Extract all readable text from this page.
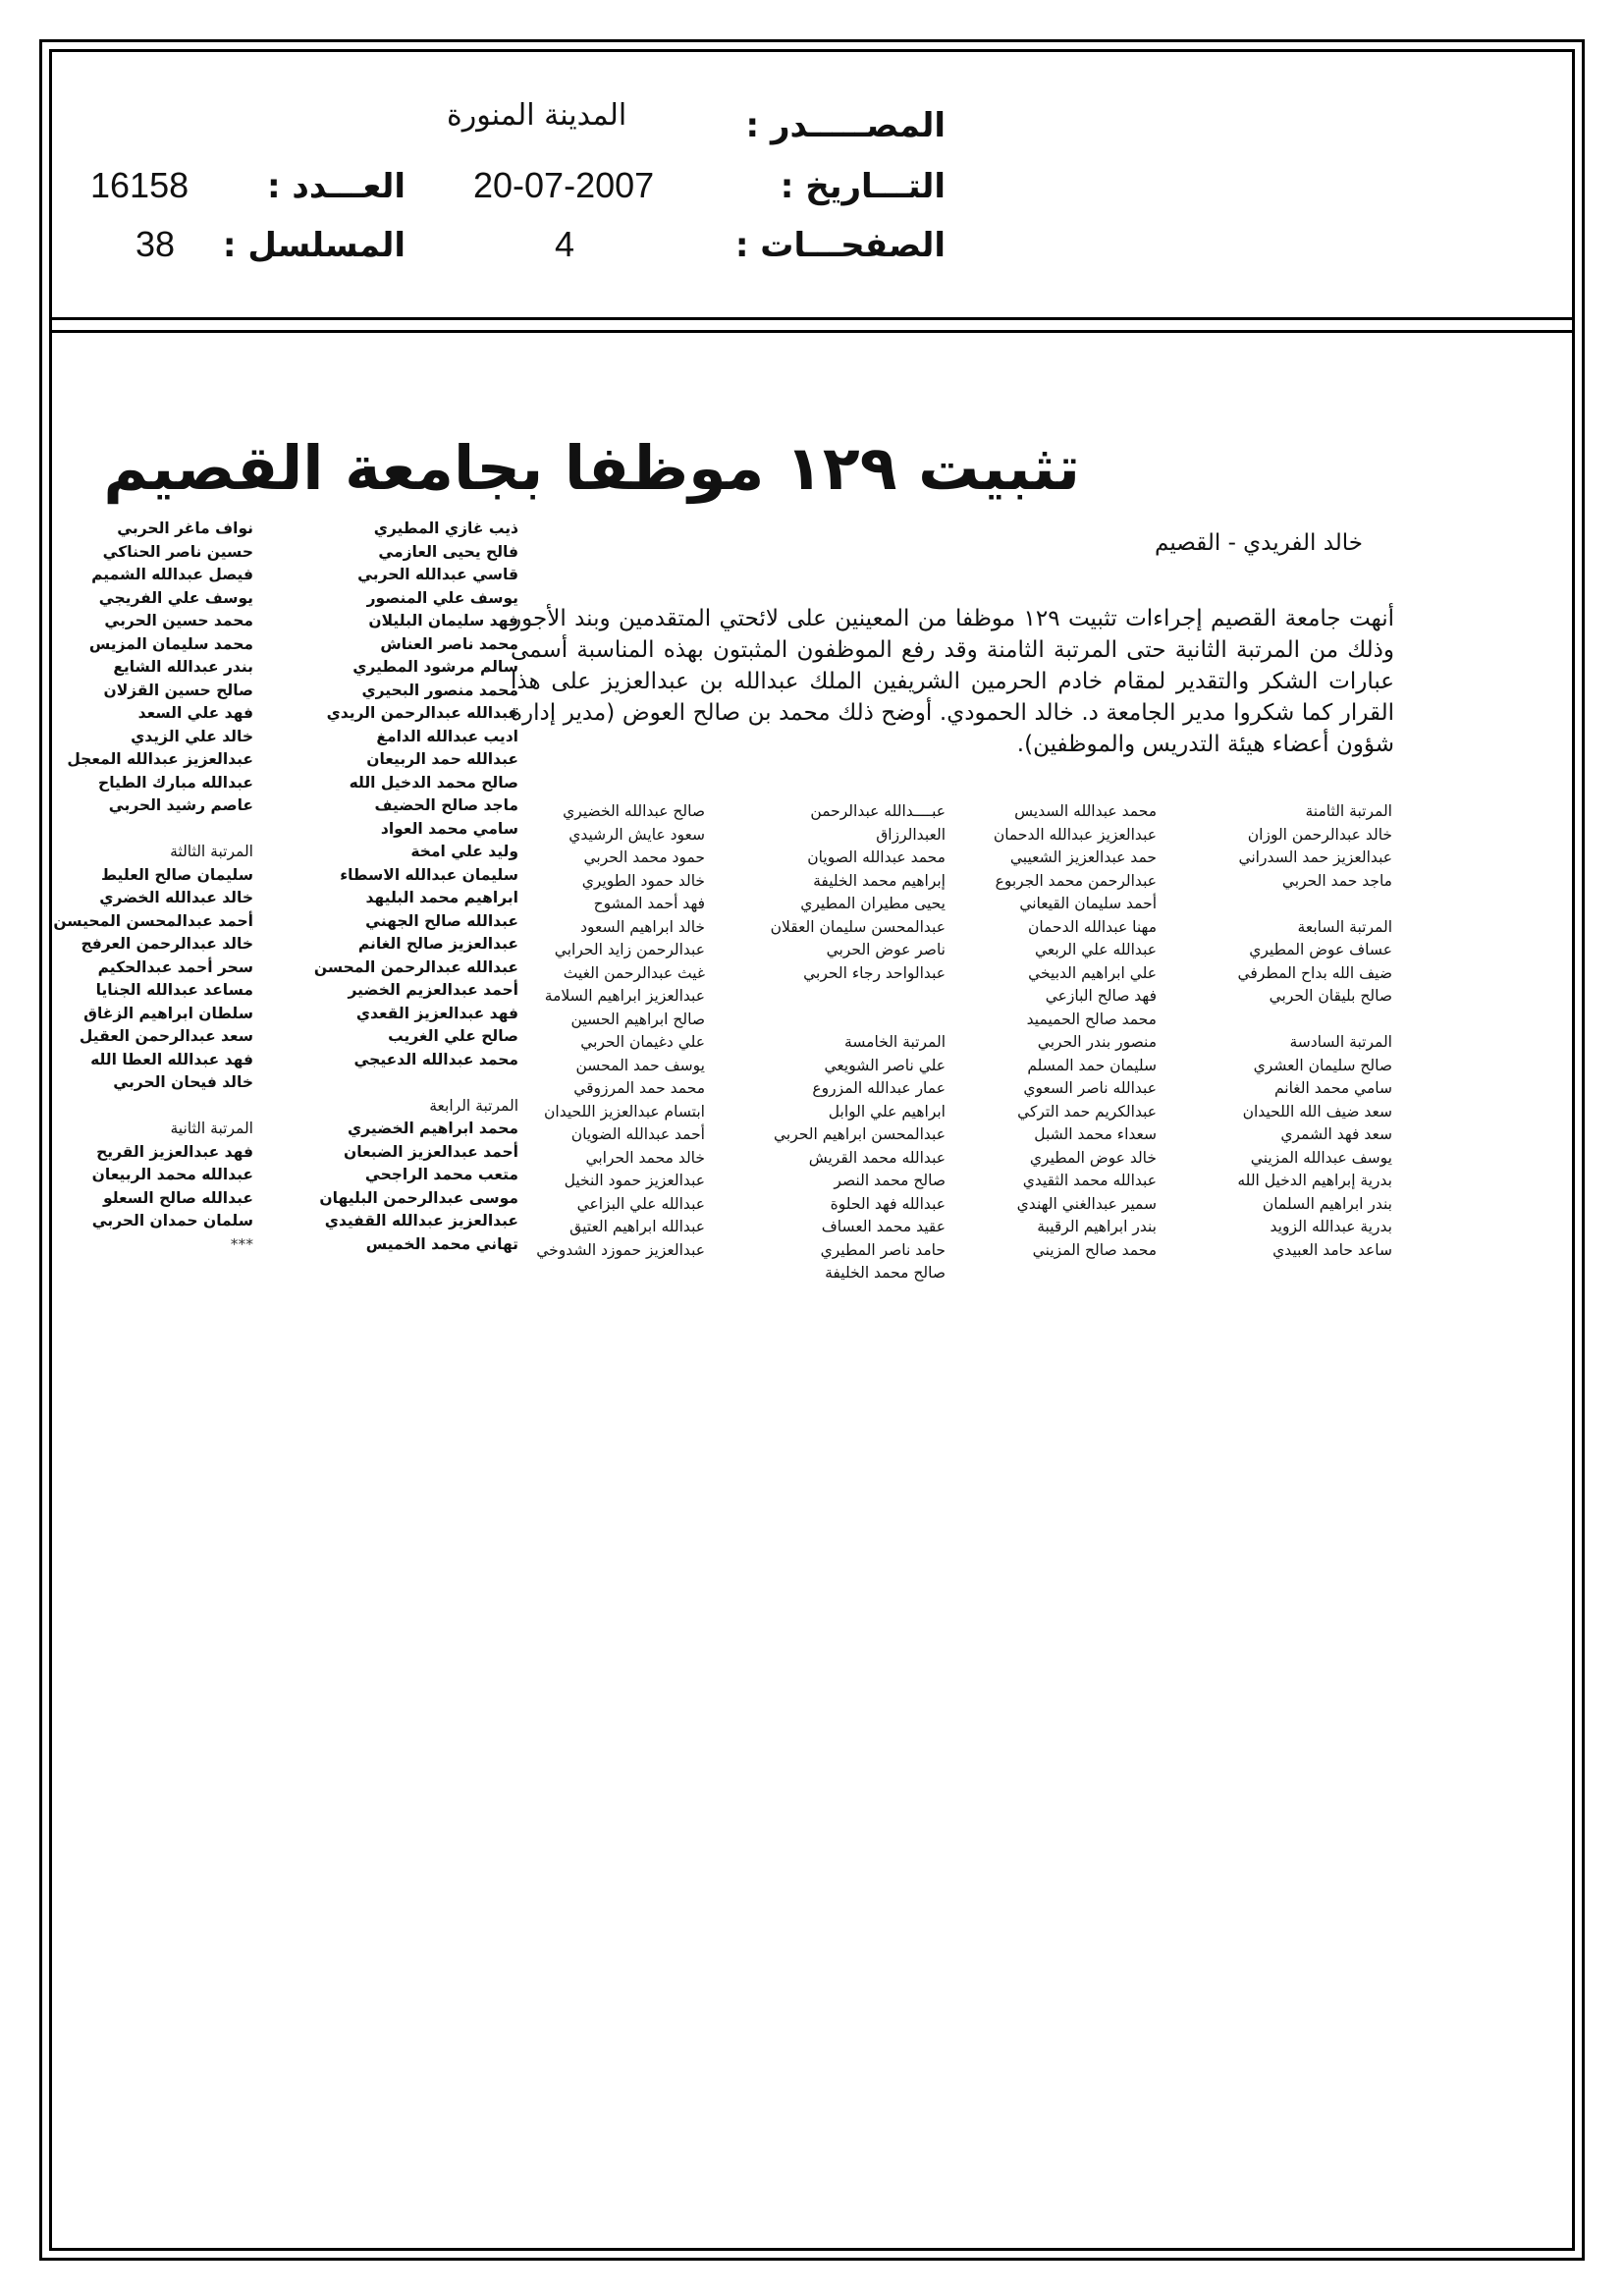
المصـــــدر :
المدينة المنورة
التـــاريخ :
20-07-2007
العـــدد :
16158
الصفحـــات :
4
المسلسل :
38
تثبيت ١٢٩ موظفا بجامعة القصيم
خالد الفريدي - القصيم

أنهت جامعة القصيم إجراءات تثبيت ١٢٩ موظفا من المعينين على لائحتي المتقدمين وبند الأجور وذلك من المرتبة الثانية حتى المرتبة الثامنة وقد رفع الموظفون المثبتون بهذه المناسبة أسمى عبارات الشكر والتقدير لمقام خادم الحرمين الشريفين الملك عبدالله بن عبدالعزيز على هذا القرار كما شكروا مدير الجامعة د. خالد الحمودي. أوضح ذلك محمد بن صالح العوض (مدير إدارة شؤون أعضاء هيئة التدريس والموظفين).

المرتبة الثامنة
خالد عبدالرحمن الوزان
عبدالعزيز حمد السدراني
ماجد حمد الحربي
المرتبة السابعة
عساف عوض المطيري
ضيف الله بداح المطرفي
صالح بليقان الحربي
المرتبة السادسة
صالح سليمان العشري
سامي محمد الغانم
سعد ضيف الله اللحيدان
سعد فهد الشمري
يوسف عبدالله المزيني
بدرية إبراهيم الدخيل الله
بندر ابراهيم السلمان
بدرية عبدالله الزويد
ساعد حامد العبيدي
محمد عبدالله السديس
عبدالعزيز عبدالله الدحمان
حمد عبدالعزيز الشعيبي
عبدالرحمن محمد الجربوع
أحمد سليمان القيعاني
مهنا عبدالله الدحمان
عبدالله علي الربعي
علي ابراهيم الدبيخي
فهد صالح البازعي
محمد صالح الحميميد
منصور بندر الحربي
سليمان حمد المسلم
عبدالله ناصر السعوي
عبدالكريم حمد التركي
سعداء محمد الشبل
خالد عوض المطيري
عبدالله محمد الثقيدي
سمير عبدالغني الهندي
بندر ابراهيم الرقيبة
محمد صالح المزيني
عبــــدالله عبدالرحمن
العبدالرزاق
محمد عبدالله الصويان
إبراهيم محمد الخليفة
يحيى مطيران المطيري
عبدالمحسن سليمان العقلان
ناصر عوض الحربي
عبدالواحد رجاء الحربي
المرتبة الخامسة
علي ناصر الشويعي
عمار عبدالله المزروع
ابراهيم علي الوابل
عبدالمحسن ابراهيم الحربي
عبدالله محمد القريش
صالح محمد النصر
عبدالله فهد الحلوة
عقيد محمد العساف
حامد ناصر المطيري
صالح محمد الخليفة
صالح عبدالله الخضيري
سعود عايش الرشيدي
حمود محمد الحربي
خالد حمود الطويري
فهد أحمد المشوح
خالد ابراهيم السعود
عبدالرحمن زايد الحرابي
غيث عبدالرحمن الغيث
عبدالعزيز ابراهيم السلامة
صالح ابراهيم الحسين
علي دغيمان الحربي
يوسف حمد المحسن
محمد حمد المرزوقي
ابتسام عبدالعزيز اللحيدان
أحمد عبدالله الضويان
خالد محمد الحرابي
عبدالعزيز حمود النخيل
عبدالله علي البزاعي
عبدالله ابراهيم العتيق
عبدالعزيز حموزد الشدوخي
ذيب غازي المطيري
فالح يحيى العازمي
قاسي عبدالله الحربي
يوسف علي المنصور
فهد سليمان البليلان
محمد ناصر العناش
سالم مرشود المطيري
محمد منصور البحيري
عبدالله عبدالرحمن الريدي
اديب عبدالله الدامغ
عبدالله حمد الربيعان
صالح محمد الدخيل الله
ماجد صالح الحضيف
سامي محمد العواد
وليد علي امخة
سليمان عبدالله الاسطاء
ابراهيم محمد البليهد
عبدالله صالح الجهني
عبدالعزيز صالح الغانم
عبدالله عبدالرحمن المحسن
أحمد عبدالعزيم الخضير
فهد عبدالعزيز القعدي
صالح علي الغريب
محمد عبدالله الدعيجي
المرتبة الرابعة
محمد ابراهيم الخضيري
أحمد عبدالعزيز الضبعان
متعب محمد الراجحي
موسى عبدالرحمن البليهان
عبدالعزيز عبدالله القفيدي
تهاني محمد الخميس
نواف ماغر الحربي
حسين ناصر الحناكي
فيصل عبدالله الشميم
يوسف علي الفريجي
محمد حسين الحربي
محمد سليمان المزيس
بندر عبدالله الشايع
صالح حسين القزلان
فهد علي السعد
خالد علي الزيدي
عبدالعزيز عبدالله المعجل
عبدالله مبارك الطياح
عاصم رشيد الحربي
المرتبة الثالثة
سليمان صالح العليط
خالد عبدالله الخضري
أحمد عبدالمحسن المحيسن
خالد عبدالرحمن العرفج
سحر أحمد عبدالحكيم
مساعد عبدالله الجنايا
سلطان ابراهيم الزغاق
سعد عبدالرحمن العقيل
فهد عبدالله العطا الله
خالد فيحان الحربي
المرتبة الثانية
فهد عبدالعزيز القريح
عبدالله محمد الربيعان
عبدالله صالح السعلو
سلمان حمدان الحربي
***
